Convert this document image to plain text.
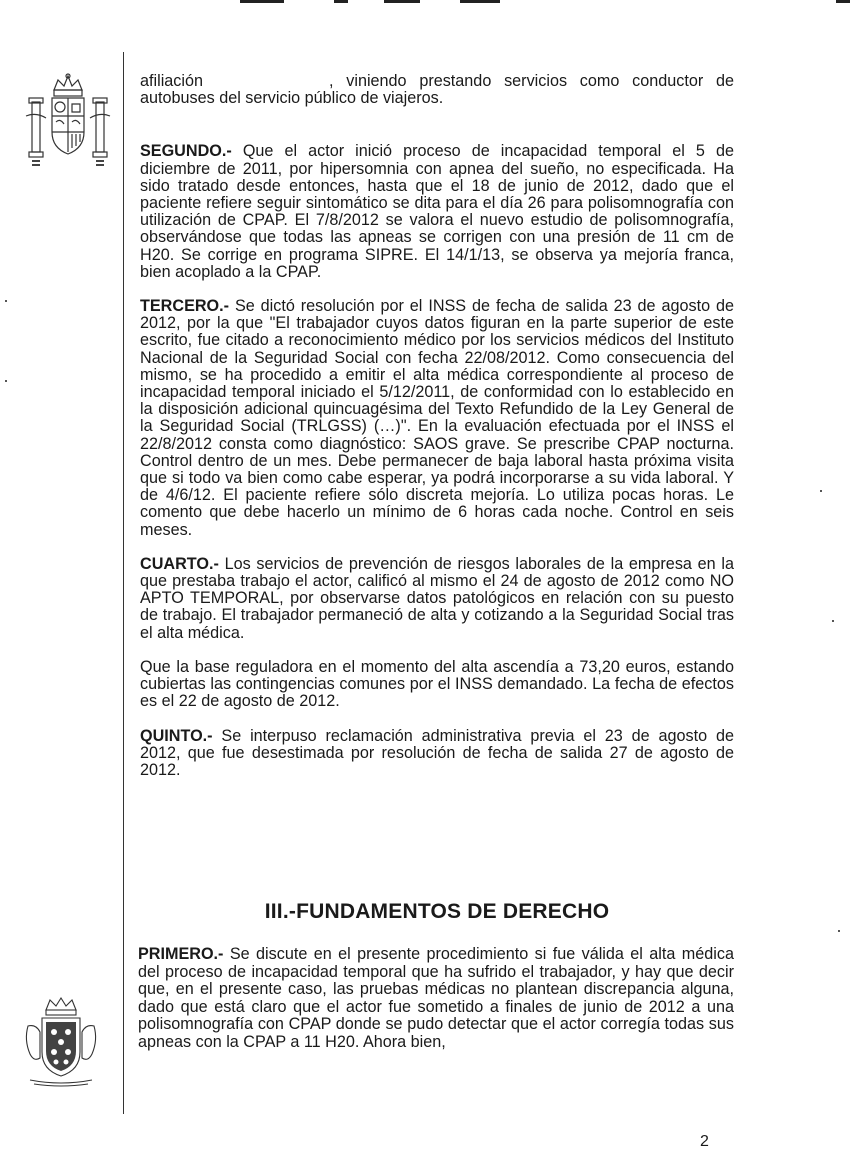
afiliación	, viniendo prestando servicios como conductor de autobuses del servicio público de viajeros.

SEGUNDO.- Que el actor inició proceso de incapacidad temporal el 5 de diciembre de 2011, por hipersomnia con apnea del sueño, no especificada. Ha sido tratado desde entonces, hasta que el 18 de junio de 2012, dado que el paciente refiere seguir sintomático se dita para el día 26 para polisomnografía con utilización de CPAP. El 7/8/2012 se valora el nuevo estudio de polisomnografía, observándose que todas las apneas se corrigen con una presión de 11 cm de H20. Se corrige en programa SIPRE. El 14/1/13, se observa ya mejoría franca, bien acoplado a la CPAP.

TERCERO.- Se dictó resolución por el INSS de fecha de salida 23 de agosto de 2012, por la que "El trabajador cuyos datos figuran en la parte superior de este escrito, fue citado a reconocimiento médico por los servicios médicos del Instituto Nacional de la Seguridad Social con fecha 22/08/2012. Como consecuencia del mismo, se ha procedido a emitir el alta médica correspondiente al proceso de incapacidad temporal iniciado el 5/12/2011, de conformidad con lo establecido en la disposición adicional quincuagésima del Texto Refundido de la Ley General de la Seguridad Social (TRLGSS) (…)". En la evaluación efectuada por el INSS el 22/8/2012 consta como diagnóstico: SAOS grave. Se prescribe CPAP nocturna. Control dentro de un mes. Debe permanecer de baja laboral hasta próxima visita que si todo va bien como cabe esperar, ya podrá incorporarse a su vida laboral. Y de 4/6/12. El paciente refiere sólo discreta mejoría. Lo utiliza pocas horas. Le comento que debe hacerlo un mínimo de 6 horas cada noche. Control en seis meses.

CUARTO.- Los servicios de prevención de riesgos laborales de la empresa en la que prestaba trabajo el actor, calificó al mismo el 24 de agosto de 2012 como NO APTO TEMPORAL, por observarse datos patológicos en relación con su puesto de trabajo. El trabajador permaneció de alta y cotizando a la Seguridad Social tras el alta médica.

Que la base reguladora en el momento del alta ascendía a 73,20 euros, estando cubiertas las contingencias comunes por el INSS demandado. La fecha de efectos es el 22 de agosto de 2012.

QUINTO.- Se interpuso reclamación administrativa previa el 23 de agosto de 2012, que fue desestimada por resolución de fecha de salida 27 de agosto de 2012.

III.-FUNDAMENTOS DE DERECHO

PRIMERO.- Se discute en el presente procedimiento si fue válida el alta médica del proceso de incapacidad temporal que ha sufrido el trabajador, y hay que decir que, en el presente caso, las pruebas médicas no plantean discrepancia alguna, dado que está claro que el actor fue sometido a finales de junio de 2012 a una polisomnografía con CPAP donde se pudo detectar que el actor corregía todas sus apneas con la CPAP a 11 H20. Ahora bien,

2
